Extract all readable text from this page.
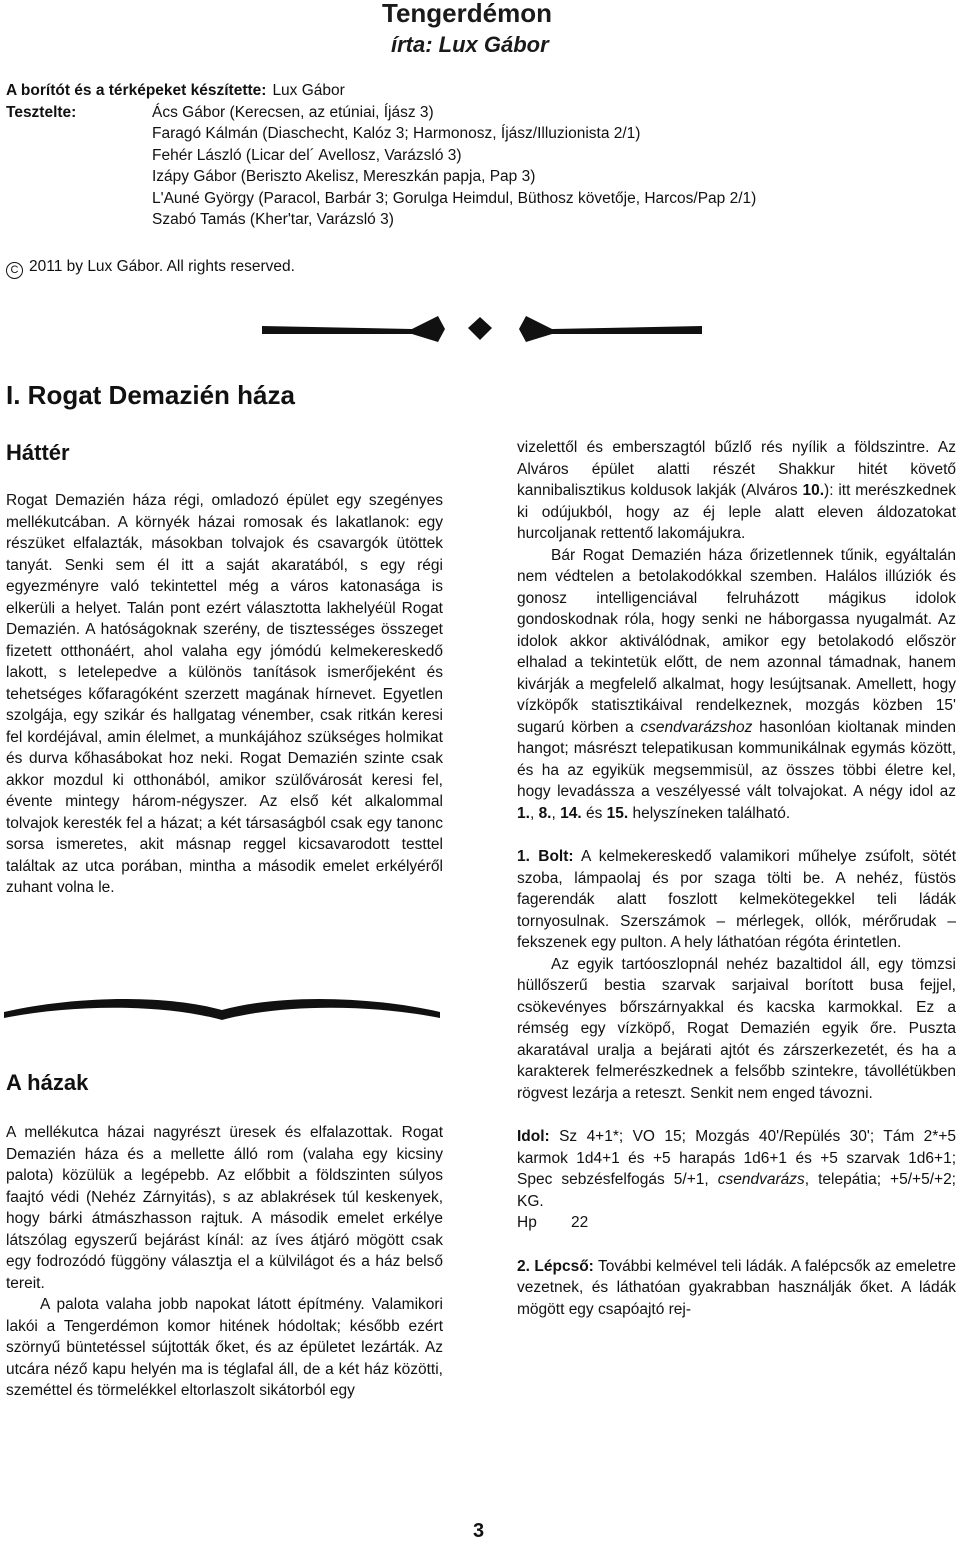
Tengerdémon
írta: Lux Gábor
A borítót és a térképeket készítette: Lux Gábor
Tesztelte:	Ács Gábor (Kerecsen, az etúniai, Íjász 3)
Faragó Kálmán (Diaschecht, Kalóz 3; Harmonosz, Íjász/Illuzionista 2/1)
Fehér László (Licar del´ Avellosz, Varázsló 3)
Izápy Gábor (Beriszto Akelisz, Mereszkán papja, Pap 3)
L'Auné György (Paracol, Barbár 3; Gorulga Heimdul, Büthosz követője, Harcos/Pap 2/1)
Szabó Tamás (Kher'tar, Varázsló 3)
C 2011 by Lux Gábor. All rights reserved.
I. Rogat Demazién háza
Háttér

Rogat Demazién háza régi, omladozó épület egy szegényes mellékutcában. A környék házai romosak és lakatlanok: egy részüket elfalazták, másokban tolvajok és csavargók ütöttek tanyát. Senki sem él itt a saját akaratából, s egy régi egyezményre való tekintettel még a város katonasága is elkerüli a helyet. Talán pont ezért választotta lakhelyéül Rogat Demazién. A hatóságoknak szerény, de tisztességes összeget fizetett otthonáért, ahol valaha egy jómódú kelmekereskedő lakott, s letelepedve a különös tanítások ismerőjeként és tehetséges kőfaragóként szerzett magának hírnevet. Egyetlen szolgája, egy szikár és hallgatag vénember, csak ritkán keresi fel kordéjával, amin élelmet, a munkájához szükséges holmikat és durva kőhasábokat hoz neki. Rogat Demazién szinte csak akkor mozdul ki otthonából, amikor szülővárosát keresi fel, évente mintegy három-négyszer. Az első két alkalommal tolvajok keresték fel a házat; a két társaságból csak egy tanonc sorsa ismeretes, akit másnap reggel kicsavarodott testtel találtak az utca porában, mintha a második emelet erkélyéről zuhant volna le.

A házak

A mellékutca házai nagyrészt üresek és elfalazottak. Rogat Demazién háza és a mellette álló rom (valaha egy kicsiny palota) közülük a legépebb. Az előbbit a földszinten súlyos faajtó védi (Nehéz Zárnyitás), s az ablakrések túl keskenyek, hogy bárki átmászhasson rajtuk. A második emelet erkélye látszólag egyszerű bejárást kínál: az íves átjáró mögött csak egy fodrozódó függöny választja el a külvilágot és a ház belső tereit.

A palota valaha jobb napokat látott építmény. Valamikori lakói a Tengerdémon komor hitének hódoltak; később ezért szörnyű büntetéssel sújtották őket, és az épületet lezárták. Az utcára néző kapu helyén ma is téglafal áll, de a két ház közötti, szeméttel és törmelékkel eltorlaszolt sikátorból egy

vizelettől és emberszagtól bűzlő rés nyílik a földszintre. Az Alváros épület alatti részét Shakkur hitét követő kannibalisztikus koldusok lakják (Alváros 10.): itt merészkednek ki odújukból, hogy az éj leple alatt eleven áldozatokat hurcoljanak rettentő lakomájukra.

Bár Rogat Demazién háza őrizetlennek tűnik, egyáltalán nem védtelen a betolakodókkal szemben. Halálos illúziók és gonosz intelligenciával felruházott mágikus idolok gondoskodnak róla, hogy senki ne háborgassa nyugalmát. Az idolok akkor aktiválódnak, amikor egy betolakodó először elhalad a tekintetük előtt, de nem azonnal támadnak, hanem kivárják a megfelelő alkalmat, hogy lesújtsanak. Amellett, hogy vízköpők statisztikáival rendelkeznek, mozgás közben 15' sugarú körben a csendvarázshoz hasonlóan kioltanak minden hangot; másrészt telepatikusan kommunikálnak egymás között, és ha az egyikük megsemmisül, az összes többi életre kel, hogy levadássza a veszélyessé vált tolvajokat. A négy idol az 1., 8., 14. és 15. helyszíneken található.

1. Bolt: A kelmekereskedő valamikori műhelye zsúfolt, sötét szoba, lámpaolaj és por szaga tölti be. A nehéz, füstös fagerendák alatt foszlott kelmekötegekkel teli ládák tornyosulnak. Szerszámok – mérlegek, ollók, mérőrudak – fekszenek egy pulton. A hely láthatóan régóta érintetlen.

Az egyik tartóoszlopnál nehéz bazaltidol áll, egy tömzsi hüllőszerű bestia szarvak sarjaival borított busa fejjel, csökevényes bőrszárnyakkal és kacska karmokkal. Ez a rémség egy vízköpő, Rogat Demazién egyik őre. Puszta akaratával uralja a bejárati ajtót és zárszerkezetét, és ha a karakterek felmerészkednek a felsőbb szintekre, távollétükben rögvest lezárja a reteszt. Senkit nem enged távozni.

Idol: Sz 4+1*; VO 15; Mozgás 40'/Repülés 30'; Tám 2*+5 karmok 1d4+1 és +5 harapás 1d6+1 és +5 szarvak 1d6+1; Spec sebzésfelfogás 5/+1, csendvarázs, telepátia; +5/+5/+2; KG.

Hp 22

2. Lépcső: További kelmével teli ládák. A falépcsők az emeletre vezetnek, és láthatóan gyakrabban használják őket. A ládák mögött egy csapóajtó rej-

3
